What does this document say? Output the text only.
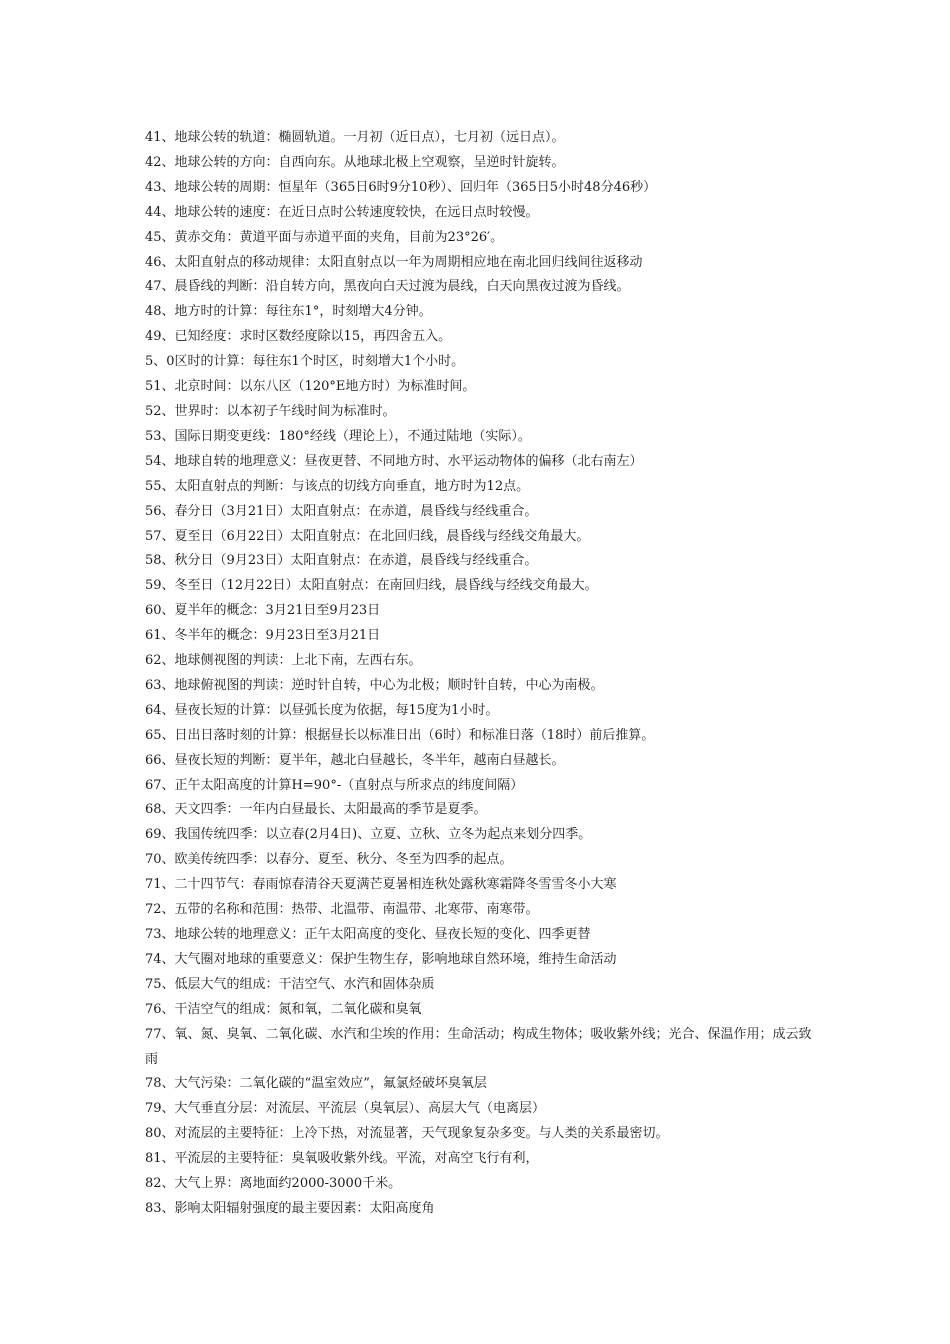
41、地球公转的轨道：椭圆轨道。一月初（近日点），七月初（远日点）。
42、地球公转的方向：自西向东。从地球北极上空观察，呈逆时针旋转。
43、地球公转的周期：恒星年（365日6时9分10秒）、回归年（365日5小时48分46秒）
44、地球公转的速度：在近日点时公转速度较快，在远日点时较慢。
45、黄赤交角：黄道平面与赤道平面的夹角，目前为23°26′。
46、太阳直射点的移动规律：太阳直射点以一年为周期相应地在南北回归线间往返移动
47、晨昏线的判断：沿自转方向，黑夜向白天过渡为晨线，白天向黑夜过渡为昏线。
48、地方时的计算：每往东1°，时刻增大4分钟。
49、已知经度：求时区数经度除以15，再四舍五入。
5、0区时的计算：每往东1个时区，时刻增大1个小时。
51、北京时间：以东八区（120°E地方时）为标准时间。
52、世界时：以本初子午线时间为标准时。
53、国际日期变更线：180°经线（理论上），不通过陆地（实际）。
54、地球自转的地理意义：昼夜更替、不同地方时、水平运动物体的偏移（北右南左）
55、太阳直射点的判断：与该点的切线方向垂直，地方时为12点。
56、春分日（3月21日）太阳直射点：在赤道，晨昏线与经线重合。
57、夏至日（6月22日）太阳直射点：在北回归线，晨昏线与经线交角最大。
58、秋分日（9月23日）太阳直射点：在赤道，晨昏线与经线重合。
59、冬至日（12月22日）太阳直射点：在南回归线，晨昏线与经线交角最大。
60、夏半年的概念：3月21日至9月23日
61、冬半年的概念：9月23日至3月21日
62、地球侧视图的判读：上北下南，左西右东。
63、地球俯视图的判读：逆时针自转，中心为北极；顺时针自转，中心为南极。
64、昼夜长短的计算：以昼弧长度为依据，每15度为1小时。
65、日出日落时刻的计算：根据昼长以标准日出（6时）和标准日落（18时）前后推算。
66、昼夜长短的判断：夏半年，越北白昼越长，冬半年，越南白昼越长。
67、正午太阳高度的计算H=90°-（直射点与所求点的纬度间隔）
68、天文四季：一年内白昼最长、太阳最高的季节是夏季。
69、我国传统四季：以立春(2月4日)、立夏、立秋、立冬为起点来划分四季。
70、欧美传统四季：以春分、夏至、秋分、冬至为四季的起点。
71、二十四节气：春雨惊春清谷天夏满芒夏暑相连秋处露秋寒霜降冬雪雪冬小大寒
72、五带的名称和范围：热带、北温带、南温带、北寒带、南寒带。
73、地球公转的地理意义：正午太阳高度的变化、昼夜长短的变化、四季更替
74、大气圈对地球的重要意义：保护生物生存，影响地球自然环境，维持生命活动
75、低层大气的组成：干洁空气、水汽和固体杂质
76、干洁空气的组成：氮和氧，二氧化碳和臭氧
77、氧、氮、臭氧、二氧化碳、水汽和尘埃的作用：生命活动；构成生物体；吸收紫外线；光合、保温作用；成云致雨
78、大气污染：二氧化碳的“温室效应”，氟氯烃破坏臭氧层
79、大气垂直分层：对流层、平流层（臭氧层）、高层大气（电离层）
80、对流层的主要特征：上冷下热，对流显著，天气现象复杂多变。与人类的关系最密切。
81、平流层的主要特征：臭氧吸收紫外线。平流，对高空飞行有利，
82、大气上界：离地面约2000-3000千米。
83、影响太阳辐射强度的最主要因素：太阳高度角
